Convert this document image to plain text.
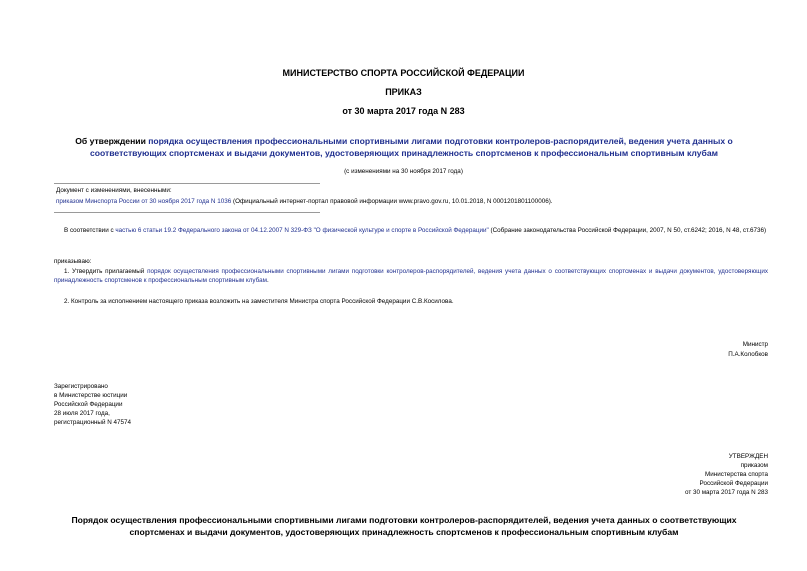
МИНИСТЕРСТВО СПОРТА РОССИЙСКОЙ ФЕДЕРАЦИИ
ПРИКАЗ
от 30 марта 2017 года N 283
Об утверждении порядка осуществления профессиональными спортивными лигами подготовки контролеров-распорядителей, ведения учета данных о соответствующих спортсменах и выдачи документов, удостоверяющих принадлежность спортсменов к профессиональным спортивным клубам
(с изменениями на 30 ноября 2017 года)
Документ с изменениями, внесенными:
приказом Минспорта России от 30 ноября 2017 года N 1036 (Официальный интернет-портал правовой информации www.pravo.gov.ru, 10.01.2018, N 0001201801100006).
В соответствии с частью 6 статьи 19.2 Федерального закона от 04.12.2007 N 329-ФЗ "О физической культуре и спорте в Российской Федерации" (Собрание законодательства Российской Федерации, 2007, N 50, ст.6242; 2016, N 48, ст.6736)
приказываю:
1. Утвердить прилагаемый порядок осуществления профессиональными спортивными лигами подготовки контролеров-распорядителей, ведения учета данных о соответствующих спортсменах и выдачи документов, удостоверяющих принадлежность спортсменов к профессиональным спортивным клубам.
2. Контроль за исполнением настоящего приказа возложить на заместителя Министра спорта Российской Федерации С.В.Косилова.
Министр
П.А.Колобков
Зарегистрировано
в Министерстве юстиции
Российской Федерации
28 июля 2017 года,
регистрационный N 47574
УТВЕРЖДЕН
приказом
Министерства спорта
Российской Федерации
от 30 марта 2017 года N 283
Порядок осуществления профессиональными спортивными лигами подготовки контролеров-распорядителей, ведения учета данных о соответствующих спортсменах и выдачи документов, удостоверяющих принадлежность спортсменов к профессиональным спортивным клубам
